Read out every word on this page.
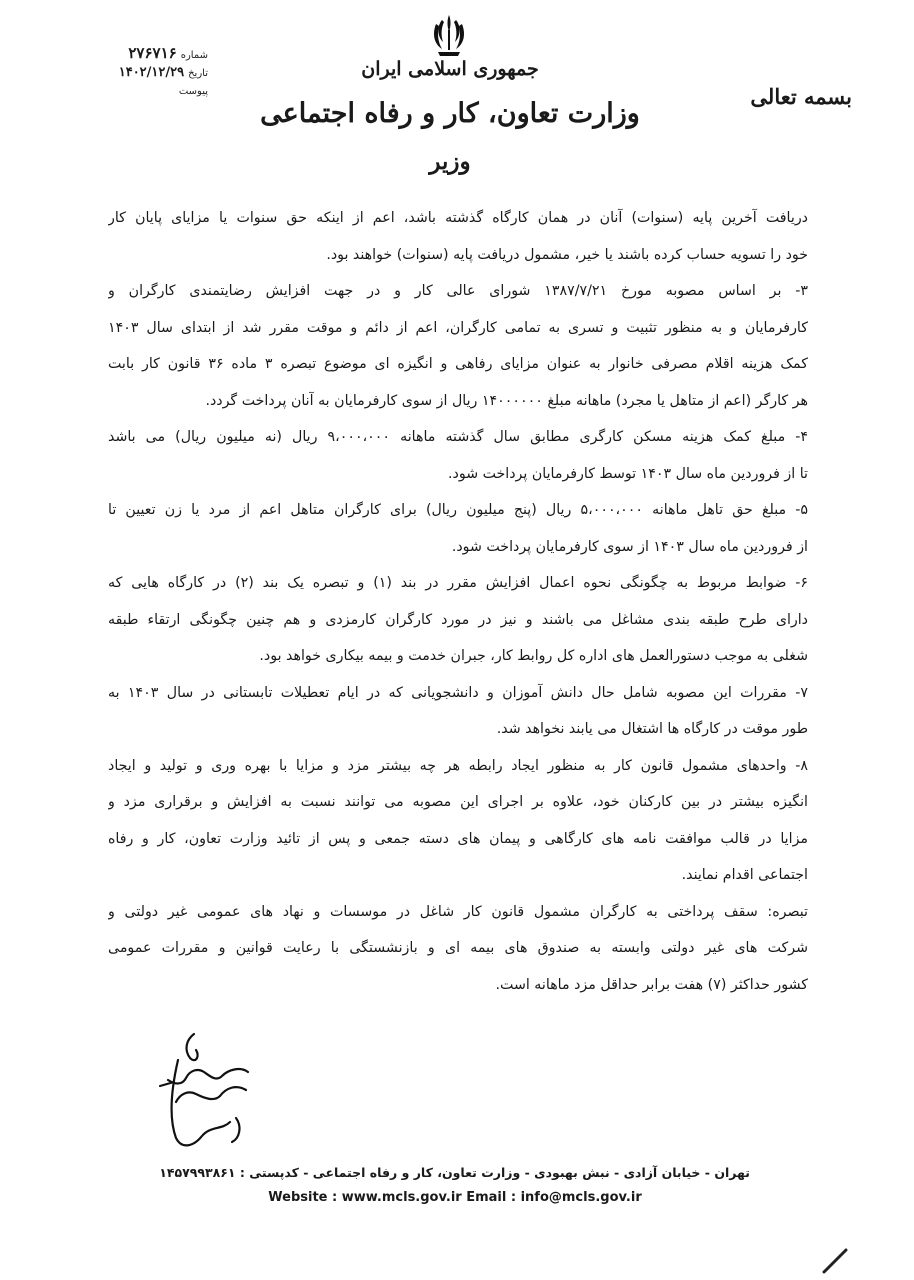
جمهوری اسلامی ایران
وزارت تعاون، کار و رفاه اجتماعی
وزیر
شماره
۲۷۶۷۱۶
تاریخ
۱۴۰۲/۱۲/۲۹
پیوست	بسمه تعالی
دریافت آخرین پایه (سنوات) آنان در همان کارگاه گذشته باشد، اعم از اینکه حق سنوات یا مزایای پایان کار
خود را تسویه حساب کرده باشند یا خیر، مشمول دریافت پایه (سنوات) خواهند بود.
۳- بر اساس مصوبه مورخ ۱۳۸۷/۷/۲۱ شورای عالی کار و در جهت افزایش رضایتمندی کارگران و
کارفرمایان و به منظور تثبیت و تسری به تمامی کارگران، اعم از دائم و موقت مقرر شد از ابتدای سال ۱۴۰۳
کمک هزینه اقلام مصرفی خانوار به عنوان مزایای رفاهی و انگیزه ای موضوع تبصره ۳ ماده ۳۶ قانون کار بابت
هر کارگر (اعم از متاهل یا مجرد) ماهانه مبلغ ۱۴۰۰۰۰۰۰ ریال از سوی کارفرمایان به آنان پرداخت گردد.
۴- مبلغ کمک هزینه مسکن کارگری مطابق سال گذشته ماهانه ۹،۰۰۰،۰۰۰ ریال (نه میلیون ریال) می باشد
تا از فروردین ماه سال ۱۴۰۳ توسط کارفرمایان پرداخت شود.
۵- مبلغ حق تاهل ماهانه ۵،۰۰۰،۰۰۰ ریال (پنج میلیون ریال) برای کارگران متاهل اعم از مرد یا زن تعیین تا
از فروردین ماه سال ۱۴۰۳ از سوی کارفرمایان پرداخت شود.
۶- ضوابط مربوط به چگونگی نحوه اعمال افزایش مقرر در بند (۱) و تبصره یک بند (۲) در کارگاه هایی که
دارای طرح طبقه بندی مشاغل می باشند و نیز در مورد کارگران کارمزدی و هم چنین چگونگی ارتقاء طبقه
شغلی به موجب دستورالعمل های اداره کل روابط کار، جبران خدمت و بیمه بیکاری خواهد بود.
۷- مقررات این مصوبه شامل حال دانش آموزان و دانشجویانی که در ایام تعطیلات تابستانی در سال ۱۴۰۳ به
طور موقت در کارگاه ها اشتغال می یابند نخواهد شد.
۸- واحدهای مشمول قانون کار به منظور ایجاد رابطه هر چه بیشتر مزد و مزایا با بهره وری و تولید و ایجاد
انگیزه بیشتر در بین کارکنان خود، علاوه بر اجرای این مصوبه می توانند نسبت به افزایش و برقراری مزد و
مزایا در قالب موافقت نامه های کارگاهی و پیمان های دسته جمعی و پس از تائید وزارت تعاون، کار و رفاه
اجتماعی اقدام نمایند.
تبصره: سقف پرداختی به کارگران مشمول قانون کار شاغل در موسسات و نهاد های عمومی غیر دولتی و
شرکت های غیر دولتی وابسته به صندوق های بیمه ای و بازنشستگی با رعایت قوانین و مقررات عمومی
کشور حداکثر (۷) هفت برابر حداقل مزد ماهانه است.
تهران - خیابان آزادی - نبش بهبودی - وزارت تعاون، کار و رفاه اجتماعی - کدپستی : ۱۴۵۷۹۹۳۸۶۱
Website : www.mcls.gov.ir Email : info@mcls.gov.ir
